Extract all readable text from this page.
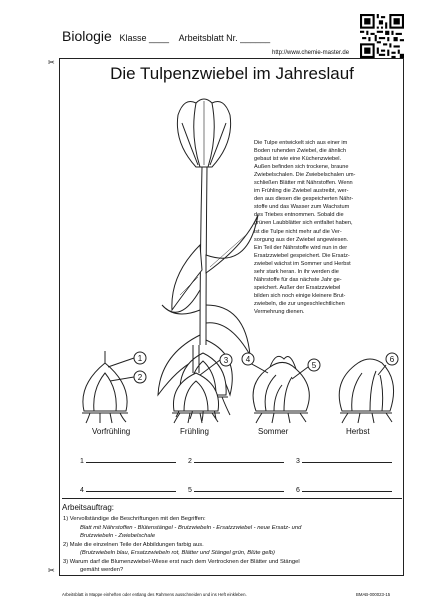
Biologie Klasse ____ Arbeitsblatt Nr. ______
http://www.chemie-master.de
✂
✂
Die Tulpenzwiebel im Jahreslauf
Die Tulpe entwickelt sich aus einer im
Boden ruhenden Zwiebel, die ähnlich
gebaut ist wie eine Küchenzwiebel.
Außen befinden sich trockene, braune
Zwiebelschalen. Die Zwiebelschalen um-
schließen Blätter mit Nährstoffen. Wenn
im Frühling die Zwiebel austreibt, wer-
den aus diesen die gespeicherten Nähr-
stoffe und das Wasser zum Wachstum
des Triebes entnommen. Sobald die
grünen Laubblätter sich entfaltet haben,
ist die Tulpe nicht mehr auf die Ver-
sorgung aus der Zwiebel angewiesen.
Ein Teil der Nährstoffe wird nun in der
Ersatzzwiebel gespeichert. Die Ersatz-
zwiebel wächst im Sommer und Herbst
sehr stark heran. In ihr werden die
Nährstoffe für das nächste Jahr ge-
speichert. Außer der Ersatzzwiebel
bilden sich noch einige kleinere Brut-
zwiebeln, die zur ungeschlechtlichen
Vermehrung dienen.
1
2
3 4
5
6
Vorfrühling	Frühling	Sommer	Herbst
1	2	3
4	5	6
Arbeitsauftrag:
1) Vervollständige die Beschriftungen mit den Begriffen:
Blatt mit Nährstoffen - Blütenstängel - Brutzwiebeln - Ersatzzwiebel - neue Ersatz- und
Brutzwiebeln - Zwiebelschale
2) Male die einzelnen Teile der Abbildungen farbig aus.
(Brutzwiebeln blau, Ersatzzwiebeln rot, Blätter und Stängel grün, Blüte gelb)
3) Warum darf die Blumenzwiebel-Wiese erst nach dem Vertrocknen der Blätter und Stängel
gemäht werden?
Arbeitsblatt in Mappe einheften oder entlang des Rahmens ausschneiden und ins Heft einkleben.	BMAB-000023-15
